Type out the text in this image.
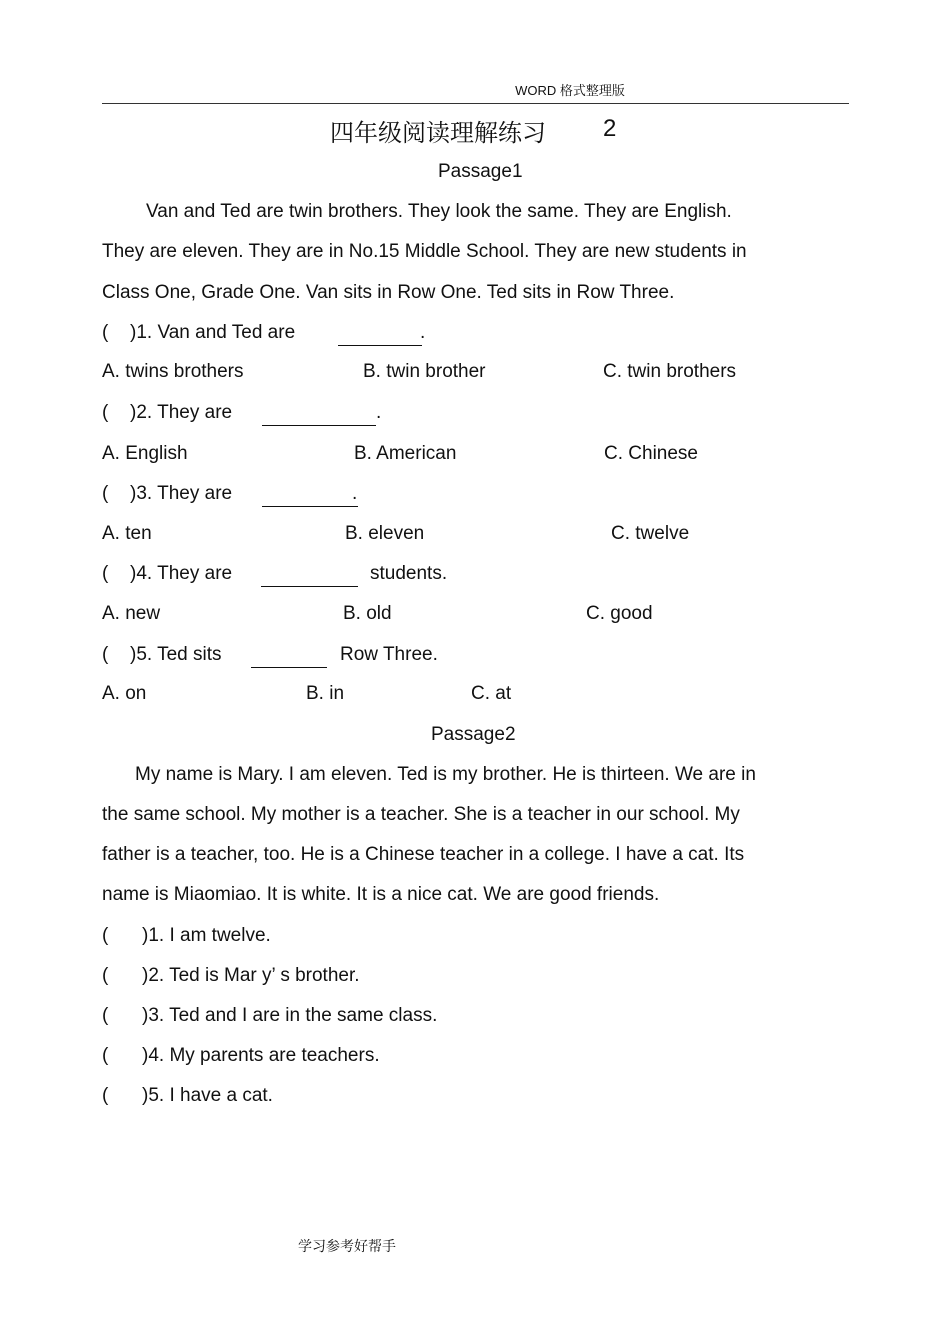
WORD 格式整理版
四年级阅读理解练习 2
Passage1
Van and Ted are twin brothers. They look the same. They are English.
They are eleven. They are in No.15 Middle School. They are new students in
Class One, Grade One. Van sits in Row One. Ted sits in Row Three.
( )1. Van and Ted are	.
A. twins brothers	B. twin brother	C. twin brothers
( )2. They are	.
A. English	B. American	C. Chinese
( )3. They are	.
A. ten	B. eleven	C. twelve
( )4. They are	students.
A. new	B. old	C. good
( )5. Ted sits	Row Three.
A. on	B. in	C. at
Passage2
My name is Mary. I am eleven. Ted is my brother. He is thirteen. We are in
the same school. My mother is a teacher. She is a teacher in our school. My
father is a teacher, too. He is a Chinese teacher in a college. I have a cat. Its
name is Miaomiao. It is white. It is a nice cat. We are good friends.
( )1. I am twelve.
( )2. Ted is Mar y’ s brother.
( )3. Ted and I are in the same class.
( )4. My parents are teachers.
( )5. I have a cat.
学习参考好帮手
